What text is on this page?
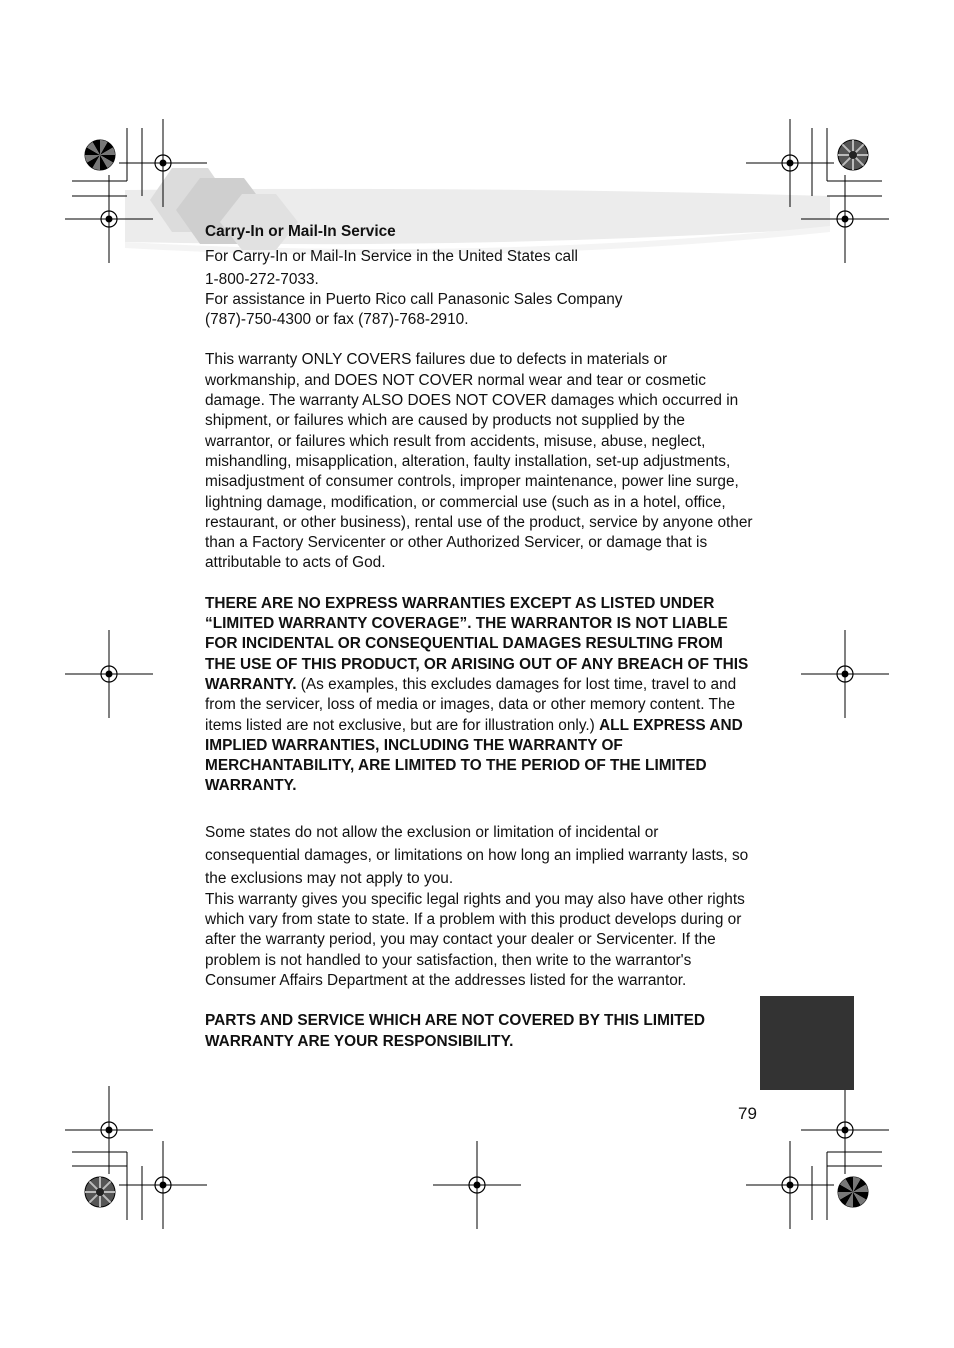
Carry-In or Mail-In Service

For Carry-In or Mail-In Service in the United States call

1-800-272-7033.

For assistance in Puerto Rico call Panasonic Sales Company

(787)-750-4300 or fax (787)-768-2910.

This warranty ONLY COVERS failures due to defects in materials or workmanship, and DOES NOT COVER normal wear and tear or cosmetic damage. The warranty ALSO DOES NOT COVER damages which occurred in shipment, or failures which are caused by products not supplied by the warrantor, or failures which result from accidents, misuse, abuse, neglect, mishandling, misapplication, alteration, faulty installation, set-up adjustments, misadjustment of consumer controls, improper maintenance, power line surge, lightning damage, modification, or commercial use (such as in a hotel, office, restaurant, or other business), rental use of the product, service by anyone other than a Factory Servicenter or other Authorized Servicer, or damage that is attributable to acts of God.

THERE ARE NO EXPRESS WARRANTIES EXCEPT AS LISTED UNDER “LIMITED WARRANTY COVERAGE”. THE WARRANTOR IS NOT LIABLE FOR INCIDENTAL OR CONSEQUENTIAL DAMAGES RESULTING FROM THE USE OF THIS PRODUCT, OR ARISING OUT OF ANY BREACH OF THIS WARRANTY. (As examples, this excludes damages for lost time, travel to and from the servicer, loss of media or images, data or other memory content. The items listed are not exclusive, but are for illustration only.) ALL EXPRESS AND IMPLIED WARRANTIES, INCLUDING THE WARRANTY OF MERCHANTABILITY, ARE LIMITED TO THE PERIOD OF THE LIMITED WARRANTY.

Some states do not allow the exclusion or limitation of incidental or consequential damages, or limitations on how long an implied warranty lasts, so the exclusions may not apply to you.

This warranty gives you specific legal rights and you may also have other rights which vary from state to state. If a problem with this product develops during or after the warranty period, you may contact your dealer or Servicenter. If the problem is not handled to your satisfaction, then write to the warrantor's Consumer Affairs Department at the addresses listed for the warrantor.

PARTS AND SERVICE WHICH ARE NOT COVERED BY THIS LIMITED WARRANTY ARE YOUR RESPONSIBILITY.

79
